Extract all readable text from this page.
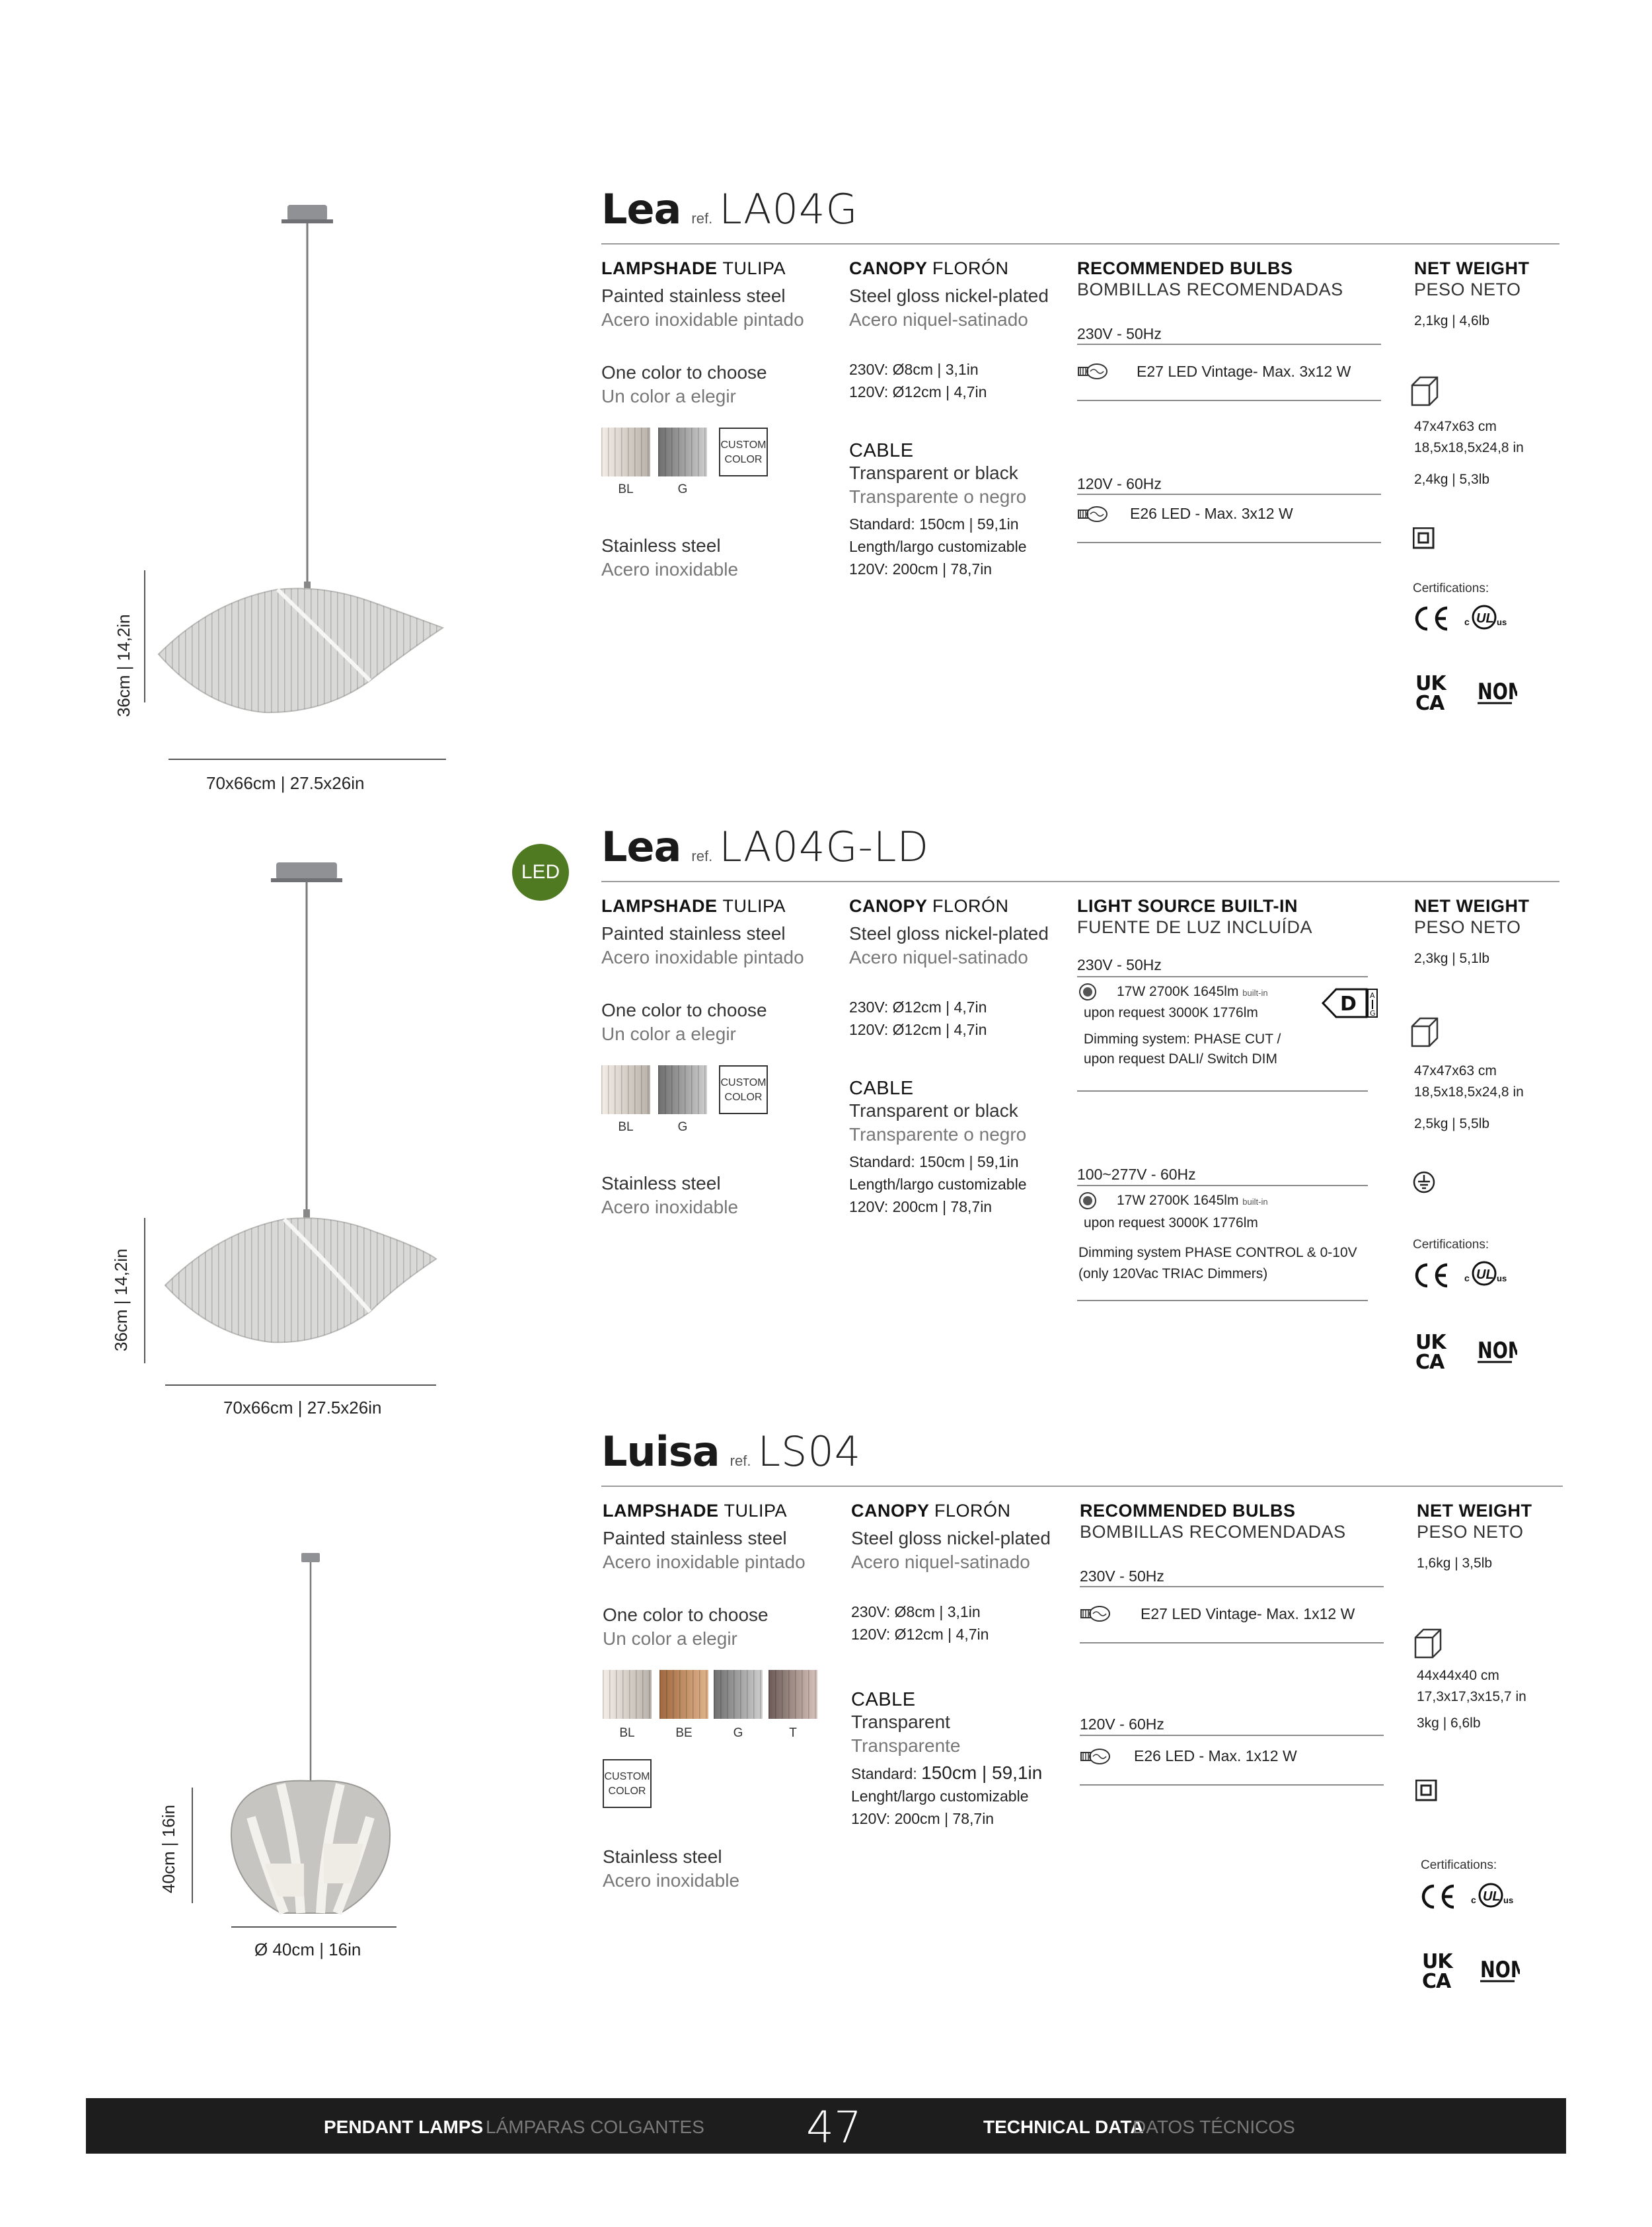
36cm | 14,2in
70x66cm | 27.5x26in
Lea ref. LA04G
LAMPSHADE TULIPA
Painted stainless steel
Acero inoxidable pintado
One color to choose
Un color a elegir
CUSTOM COLOR
BL	G
Stainless steel
Acero inoxidable
CANOPY FLORÓN
Steel gloss nickel-plated
Acero niquel-satinado
230V: Ø8cm | 3,1in
120V: Ø12cm | 4,7in
CABLE
Transparent or black
Transparente o negro
Standard: 150cm | 59,1in
Length/largo customizable
120V: 200cm | 78,7in
RECOMMENDED BULBS
BOMBILLAS RECOMENDADAS
230V - 50Hz
E27 LED Vintage- Max. 3x12 W
120V - 60Hz
E26 LED - Max. 3x12 W
NET WEIGHT
PESO NETO
2,1kg | 4,6lb
47x47x63 cm
18,5x18,5x24,8 in
2,4kg | 5,3lb
Certifications:
36cm | 14,2in
70x66cm | 27.5x26in
LED
Lea ref. LA04G-LD
LAMPSHADE TULIPA
Painted stainless steel
Acero inoxidable pintado
One color to choose
Un color a elegir
CUSTOM COLOR
BL	G
Stainless steel
Acero inoxidable
CANOPY FLORÓN
Steel gloss nickel-plated
Acero niquel-satinado
230V: Ø12cm | 4,7in
120V: Ø12cm | 4,7in
CABLE
Transparent or black
Transparente o negro
Standard: 150cm | 59,1in
Length/largo customizable
120V: 200cm | 78,7in
LIGHT SOURCE BUILT-IN
FUENTE DE LUZ INCLUÍDA
230V - 50Hz
17W 2700K 1645lm built-in
upon request 3000K 1776lm
Dimming system: PHASE CUT /
upon request DALI/ Switch DIM
D A
G
100~277V - 60Hz
17W 2700K 1645lm built-in
upon request 3000K 1776lm
Dimming system PHASE CONTROL & 0-10V
(only 120Vac TRIAC Dimmers)
NET WEIGHT
PESO NETO
2,3kg | 5,1lb
47x47x63 cm
18,5x18,5x24,8 in
2,5kg | 5,5lb
Certifications:
40cm | 16in
Ø 40cm | 16in
Luisa ref. LS04
LAMPSHADE TULIPA
Painted stainless steel
Acero inoxidable pintado
One color to choose
Un color a elegir
BL	BE	G	T
CUSTOM COLOR
Stainless steel
Acero inoxidable
CANOPY FLORÓN
Steel gloss nickel-plated
Acero niquel-satinado
230V: Ø8cm | 3,1in
120V: Ø12cm | 4,7in
CABLE
Transparent
Transparente
Standard: 150cm | 59,1in
Lenght/largo customizable
120V: 200cm | 78,7in
RECOMMENDED BULBS
BOMBILLAS RECOMENDADAS
230V - 50Hz
E27 LED Vintage- Max. 1x12 W
120V - 60Hz
E26 LED - Max. 1x12 W
NET WEIGHT
PESO NETO
1,6kg | 3,5lb
44x44x40 cm
17,3x17,3x15,7 in
3kg | 6,6lb
Certifications:
PENDANT LAMPS LÁMPARAS COLGANTES 47	TECHNICAL DATA
DATOS TÉCNICOS
